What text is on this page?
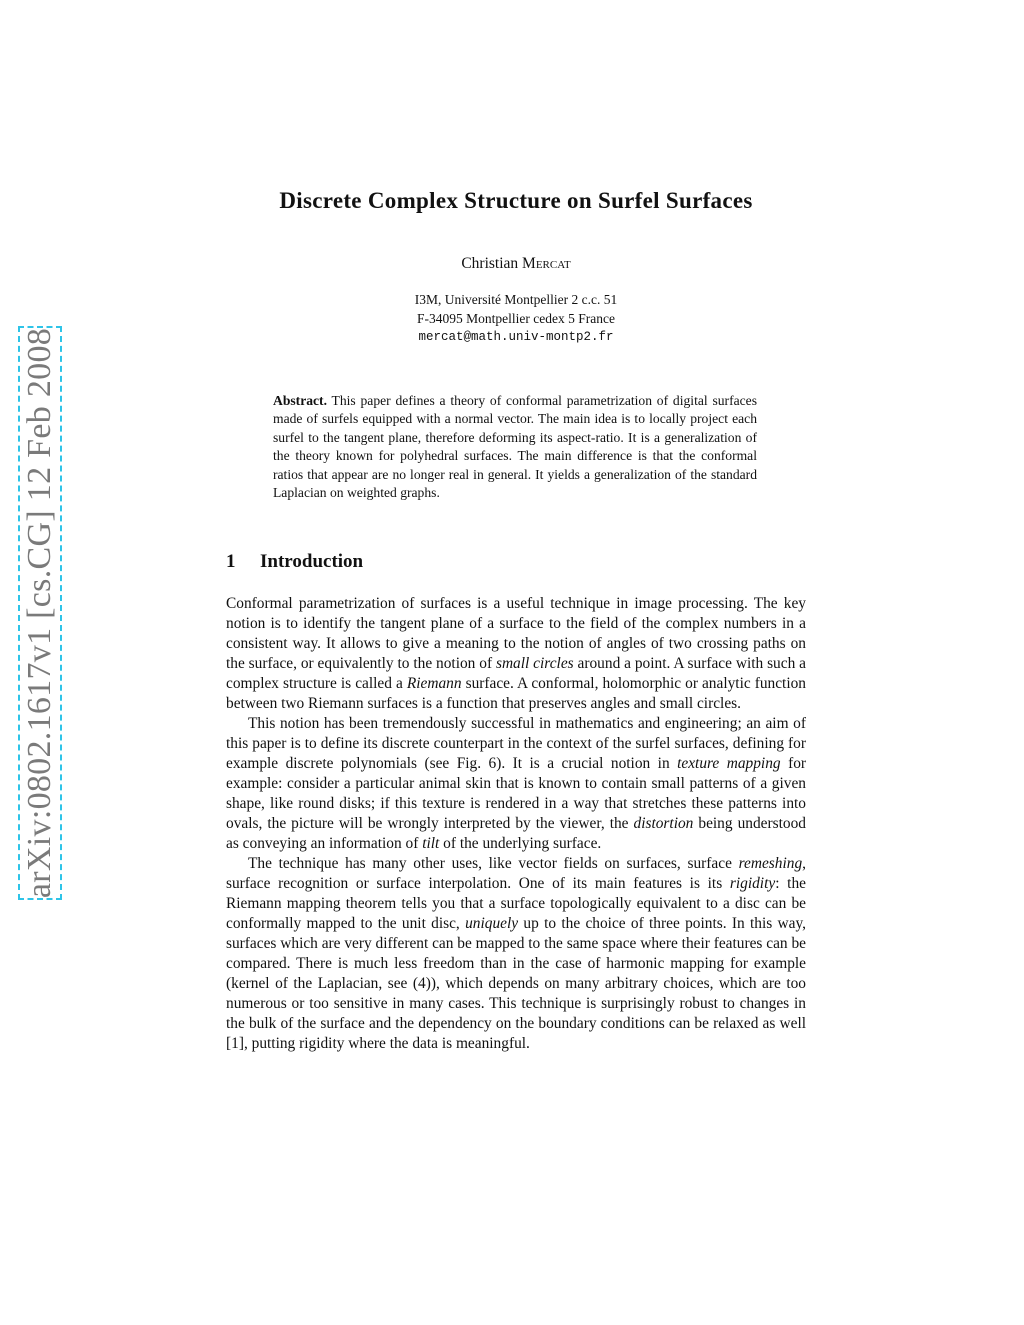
arXiv:0802.1617v1 [cs.CG] 12 Feb 2008
Discrete Complex Structure on Surfel Surfaces
Christian Mercat
I3M, Université Montpellier 2 c.c. 51
F-34095 Montpellier cedex 5 France
mercat@math.univ-montp2.fr

Abstract. This paper defines a theory of conformal parametrization of digital surfaces made of surfels equipped with a normal vector. The main idea is to locally project each surfel to the tangent plane, therefore deforming its aspect-ratio. It is a generalization of the theory known for polyhedral surfaces. The main difference is that the conformal ratios that appear are no longer real in general. It yields a generalization of the standard Laplacian on weighted graphs.

1 Introduction

Conformal parametrization of surfaces is a useful technique in image processing. The key notion is to identify the tangent plane of a surface to the field of the complex numbers in a consistent way. It allows to give a meaning to the notion of angles of two crossing paths on the surface, or equivalently to the notion of small circles around a point. A surface with such a complex structure is called a Riemann surface. A conformal, holomorphic or analytic function between two Riemann surfaces is a function that preserves angles and small circles.

This notion has been tremendously successful in mathematics and engineering; an aim of this paper is to define its discrete counterpart in the context of the surfel surfaces, defining for example discrete polynomials (see Fig. 6). It is a crucial notion in texture mapping for example: consider a particular animal skin that is known to contain small patterns of a given shape, like round disks; if this texture is rendered in a way that stretches these patterns into ovals, the picture will be wrongly interpreted by the viewer, the distortion being understood as conveying an information of tilt of the underlying surface.

The technique has many other uses, like vector fields on surfaces, surface remeshing, surface recognition or surface interpolation. One of its main features is its rigidity: the Riemann mapping theorem tells you that a surface topologically equivalent to a disc can be conformally mapped to the unit disc, uniquely up to the choice of three points. In this way, surfaces which are very different can be mapped to the same space where their features can be compared. There is much less freedom than in the case of harmonic mapping for example (kernel of the Laplacian, see (4)), which depends on many arbitrary choices, which are too numerous or too sensitive in many cases. This technique is surprisingly robust to changes in the bulk of the surface and the dependency on the boundary conditions can be relaxed as well [1], putting rigidity where the data is meaningful.
